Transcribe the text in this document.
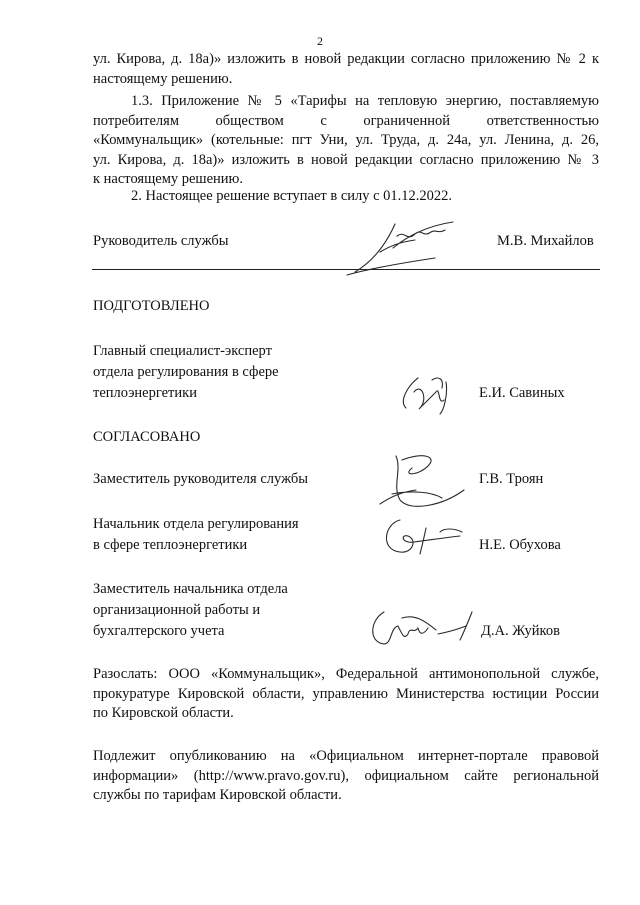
2
ул. Кирова, д. 18а)» изложить в новой редакции согласно приложению № 2 к
настоящему решению.
1.3. Приложение № 5 «Тарифы на тепловую энергию, поставляемую
потребителям обществом с ограниченной ответственностью
«Коммунальщик» (котельные: пгт Уни, ул. Труда, д. 24а, ул. Ленина, д. 26,
ул. Кирова, д. 18а)» изложить в новой редакции согласно приложению № 3
к настоящему решению.
2. Настоящее решение вступает в силу с 01.12.2022.
Руководитель службы	М.В. Михайлов
ПОДГОТОВЛЕНО
Главный специалист-эксперт
отдела регулирования в сфере
теплоэнергетики	Е.И. Савиных
СОГЛАСОВАНО
Заместитель руководителя службы	Г.В. Троян
Начальник отдела регулирования
в сфере теплоэнергетики	Н.Е. Обухова
Заместитель начальника отдела
организационной работы и
бухгалтерского учета	Д.А. Жуйков
Разослать: ООО «Коммунальщик», Федеральной антимонопольной службе,
прокуратуре Кировской области, управлению Министерства юстиции России
по Кировской области.
Подлежит опубликованию на «Официальном интернет-портале правовой
информации» (http://www.pravo.gov.ru), официальном сайте региональной
службы по тарифам Кировской области.
